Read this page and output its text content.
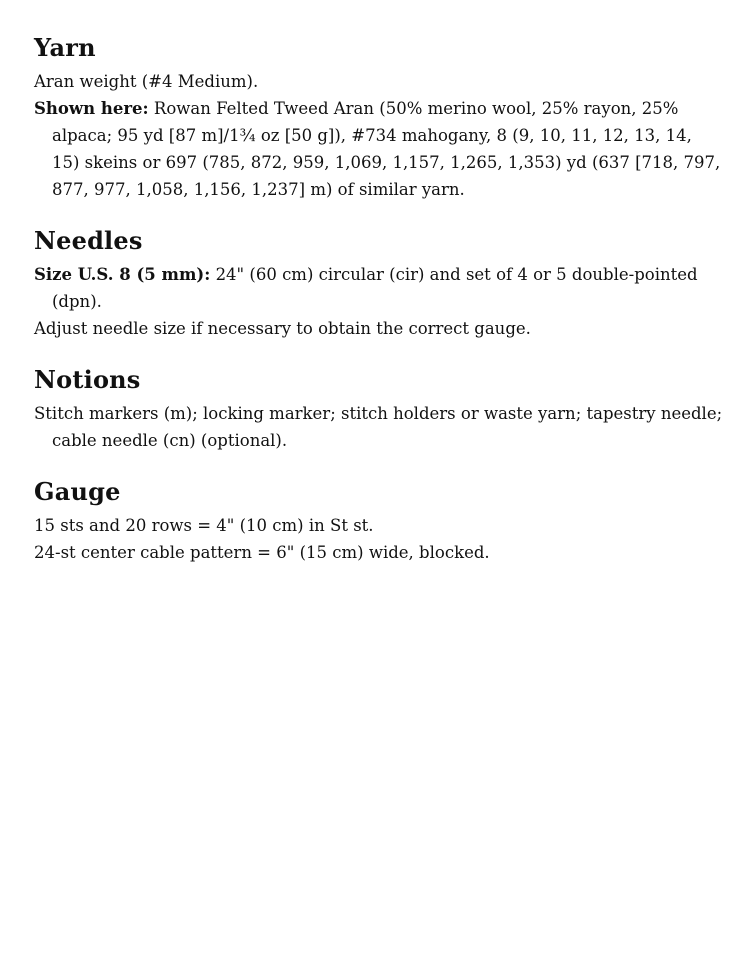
Yarn

Aran weight (#4 Medium).

Shown here: Rowan Felted Tweed Aran (50% merino wool, 25% rayon, 25% alpaca; 95 yd [87 m]/1¾ oz [50 g]), #734 mahogany, 8 (9, 10, 11, 12, 13, 14, 15) skeins or 697 (785, 872, 959, 1,069, 1,157, 1,265, 1,353) yd (637 [718, 797, 877, 977, 1,058, 1,156, 1,237] m) of similar yarn.

Needles

Size U.S. 8 (5 mm): 24" (60 cm) circular (cir) and set of 4 or 5 double-pointed (dpn).

Adjust needle size if necessary to obtain the correct gauge.

Notions

Stitch markers (m); locking marker; stitch holders or waste yarn; tapestry needle; cable needle (cn) (optional).

Gauge

15 sts and 20 rows = 4" (10 cm) in St st.

24-st center cable pattern = 6" (15 cm) wide, blocked.
